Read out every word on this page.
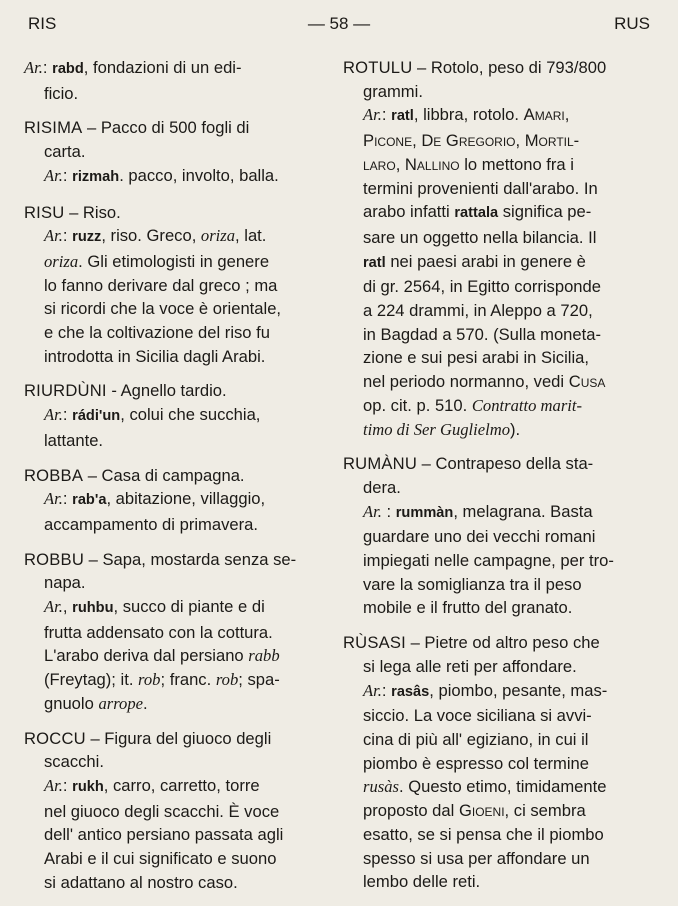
RIS	— 58 —	RUS
Ar.: rabd, fondazioni di un edi-
ficio.
RISIMA – Pacco di 500 fogli di
carta.
Ar.: rizmah. pacco, involto, balla.
RISU – Riso.
Ar.: ruzz, riso. Greco, oriza, lat.
oriza. Gli etimologisti in genere
lo fanno derivare dal greco ; ma
si ricordi che la voce è orientale,
e che la coltivazione del riso fu
introdotta in Sicilia dagli Arabi.
RIURDÙNI - Agnello tardio.
Ar.: rádi'un, colui che succhia,
lattante.
ROBBA – Casa di campagna.
Ar.: rab'a, abitazione, villaggio,
accampamento di primavera.
ROBBU – Sapa, mostarda senza se-
napa.
Ar., ruhbu, succo di piante e di
frutta addensato con la cottura.
L'arabo deriva dal persiano rabb
(Freytag); it. rob; franc. rob; spa-
gnuolo arrope.
ROCCU – Figura del giuoco degli
scacchi.
Ar.: rukh, carro, carretto, torre
nel giuoco degli scacchi. È voce
dell' antico persiano passata agli
Arabi e il cui significato e suono
si adattano al nostro caso.
ROTULU – Rotolo, peso di 793/800
grammi.
Ar.: ratl, libbra, rotolo. Amari,
Picone, De Gregorio, Mortil-
laro, Nallino lo mettono fra i
termini provenienti dall'arabo. In
arabo infatti rattala significa pe-
sare un oggetto nella bilancia. Il
ratl nei paesi arabi in genere è
di gr. 2564, in Egitto corrisponde
a 224 drammi, in Aleppo a 720,
in Bagdad a 570. (Sulla moneta-
zione e sui pesi arabi in Sicilia,
nel periodo normanno, vedi Cusa
op. cit. p. 510. Contratto marit-
timo di Ser Guglielmo).
RUMÀNU – Contrapeso della sta-
dera.
Ar. : rummàn, melagrana. Basta
guardare uno dei vecchi romani
impiegati nelle campagne, per tro-
vare la somiglianza tra il peso
mobile e il frutto del granato.
RÙSASI – Pietre od altro peso che
si lega alle reti per affondare.
Ar.: rasâs, piombo, pesante, mas-
siccio. La voce siciliana si avvi-
cina di più all' egiziano, in cui il
piombo è espresso col termine
rusàs. Questo etimo, timidamente
proposto dal Gioeni, ci sembra
esatto, se si pensa che il piombo
spesso si usa per affondare un
lembo delle reti.
